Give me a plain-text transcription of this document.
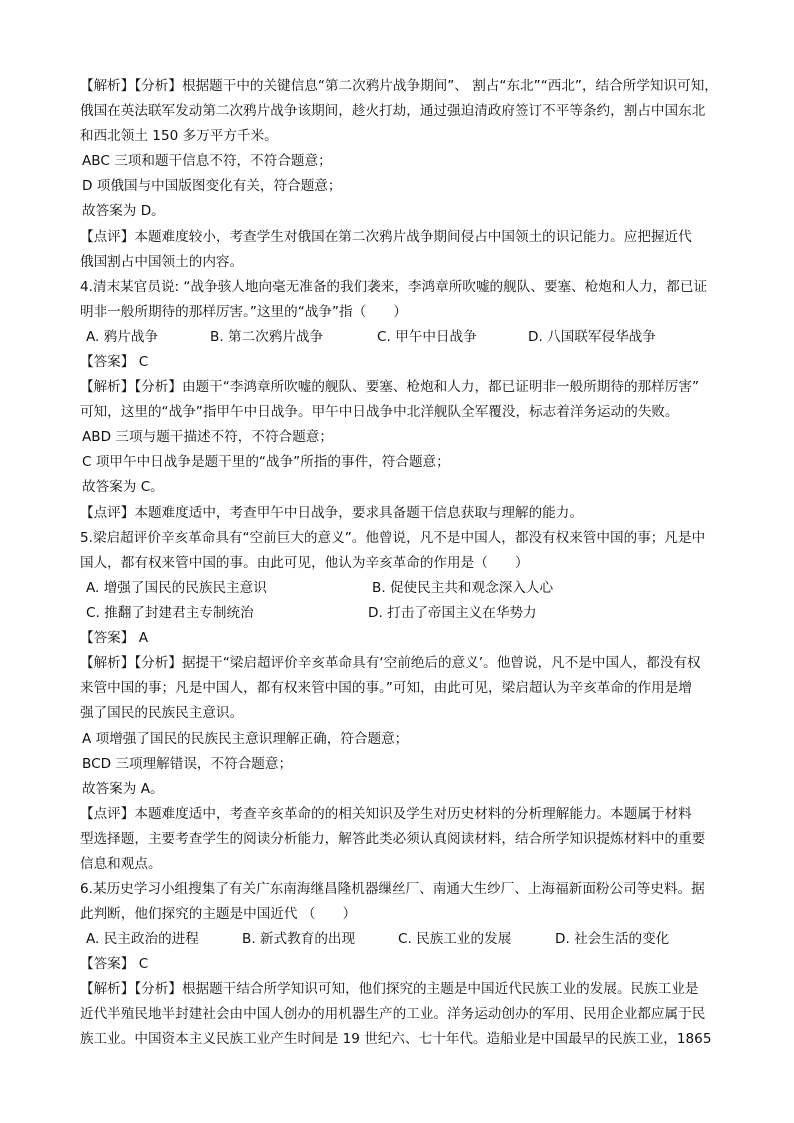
【解析】【分析】根据题干中的关键信息“第二次鸦片战争期间”、 割占“东北”“西北”，结合所学知识可知，
俄国在英法联军发动第二次鸦片战争该期间，趁火打劫，通过强迫清政府签订不平等条约，割占中国东北
和西北领土 150 多万平方千米。
ABC 三项和题干信息不符，不符合题意；
D 项俄国与中国版图变化有关，符合题意；
故答案为 D。
【点评】本题难度较小，考查学生对俄国在第二次鸦片战争期间侵占中国领土的识记能力。应把握近代
俄国割占中国领土的内容。
4.清末某官员说: “战争骇人地向毫无准备的我们袭来，李鸿章所吹嘘的舰队、要塞、枪炮和人力，都已证
明非一般所期待的那样厉害。”这里的“战争”指（　　）
A. 鸦片战争	B. 第二次鸦片战争	C. 甲午中日战争	D. 八国联军侵华战争
【答案】 C
【解析】【分析】由题干“李鸿章所吹嘘的舰队、要塞、枪炮和人力，都已证明非一般所期待的那样厉害”
可知，这里的“战争”指甲午中日战争。甲午中日战争中北洋舰队全军覆没，标志着洋务运动的失败。
ABD 三项与题干描述不符，不符合题意；
C 项甲午中日战争是题干里的“战争”所指的事件，符合题意；
故答案为 C。
【点评】本题难度适中，考查甲午中日战争，要求具备题干信息获取与理解的能力。
5.梁启超评价辛亥革命具有“空前巨大的意义”。他曾说，凡不是中国人，都没有权来管中国的事；凡是中
国人，都有权来管中国的事。由此可见，他认为辛亥革命的作用是（　　）
A. 增强了国民的民族民主意识	B. 促使民主共和观念深入人心
C. 推翻了封建君主专制统治	D. 打击了帝国主义在华势力
【答案】 A
【解析】【分析】据提干“梁启超评价辛亥革命具有‘空前绝后的意义’。他曾说，凡不是中国人，都没有权
来管中国的事；凡是中国人，都有权来管中国的事。”可知，由此可见，梁启超认为辛亥革命的作用是增
强了国民的民族民主意识。
A 项增强了国民的民族民主意识理解正确，符合题意；
BCD 三项理解错误，不符合题意；
故答案为 A。
【点评】本题难度适中，考查辛亥革命的的相关知识及学生对历史材料的分析理解能力。本题属于材料
型选择题，主要考查学生的阅读分析能力，解答此类必须认真阅读材料，结合所学知识提炼材料中的重要
信息和观点。
6.某历史学习小组搜集了有关广东南海继昌隆机器缫丝厂、南通大生纱厂、上海福新面粉公司等史料。据
此判断，他们探究的主题是中国近代 （　　）
A. 民主政治的进程	B. 新式教育的出现	C. 民族工业的发展	D. 社会生活的变化
【答案】 C
【解析】【分析】根据题干结合所学知识可知，他们探究的主题是中国近代民族工业的发展。民族工业是
近代半殖民地半封建社会由中国人创办的用机器生产的工业。洋务运动创办的军用、民用企业都应属于民
族工业。中国资本主义民族工业产生时间是 19 世纪六、七十年代。造船业是中国最早的民族工业，1865
